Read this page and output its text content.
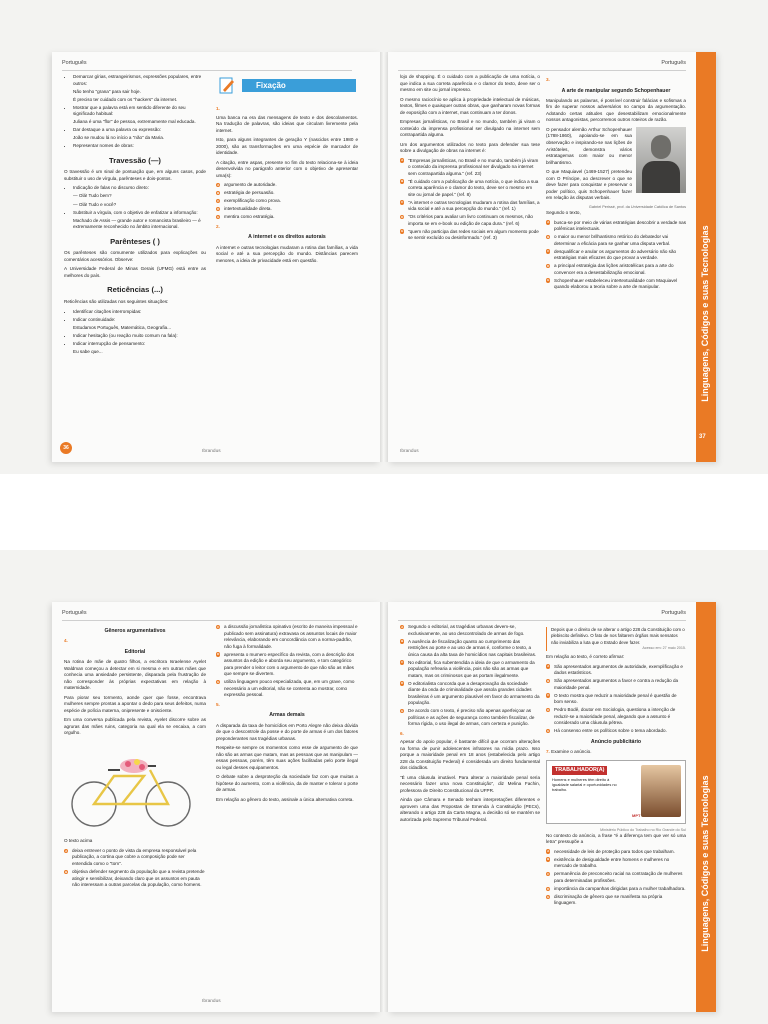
Português
• Demarcar gírias, estrangeirismos, expressões populares, entre outros:
Não tenho "grana" para sair hoje.
É preciso ter cuidado com os "hackers" da internet.
• Mostrar que a palavra está em sentido diferente do seu significado habitual:
Juliana é uma "flor" de pessoa, extremamente mal educada.
• Dar destaque a uma palavra ou expressão:
João se mudou lá no início a "não" da Maria.
• Representar nomes de obras:
Travessão (—)

O travessão é um sinal de pontuação que, em alguns casos, pode substituir o uso de vírgula, parênteses e dois-pontos.

• Indicação de falas no discurso direto:
— Olá! Tudo bem?
— Olá! Tudo e você?
• Substituir a vírgula, com o objetivo de enfatizar a informação:
Machado de Assis — grande autor e romancista brasileiro — é extremamente reconhecido no âmbito internacional.
Parênteses ( )

Os parênteses são comumente utilizados para explicações ou comentários acessórios. Observe:

A Universidade Federal de Minas Gerais (UFMG) está entre as melhores do país.

Reticências (...)

Reticências são utilizadas nos seguintes situações:

• Identificar citações interrompidas:
• Indicar continuidade:
Estudamos Português, Matemática, Geografia...
• Indicar hesitação (ou reação muito comum na fala):
• Indicar interrupção de pensamento:
Eu sabe que...
Fixação
1.

Uma banca na era das mensagens de texto e dos descolamentos. Na tradução de palavras, são ideias que circulam livremente pela internet.

Isto, para alguns integrantes de geração Y (nascidos entre 1980 e 2000), são as transformações em uma espécie de marcador de identidade.

A citação, entre aspas, presente no fim do texto relaciona-se à ideia desenvolvida no parágrafo anterior com o objetivo de apresentar uma(s):

A argumento de autoridade.
B estratégia de persuasão.
C exemplificação como prova.
D intertextualidade direta.
E mentira como estratégia.
2.
A internet e os direitos autorais

A internet e outras tecnologias mudaram a rotina das famílias, a vida social e até a sua percepção do mundo. Distâncias parecem menores, a ideia de privacidade está em questão.

36
Ibrandus
Português

lojo de shopping. É o cuidado com a publicação de uma notícia, o que indica a sua correta aparência e o clamor do texto, deve ser o mesmo em site ou jornal impresso.

O mesmo raciocínio se aplica à propriedade intelectual de músicas, textos, filmes e quaisquer outras obras, que ganharam novas formas de exposição com a internet, mas continuam a ter donos.

Empresas jornalísticas, no Brasil e no mundo, também já viram o conteúdo da imprensa profissional ser divulgado na internet sem contrapartida alguma.

Um dos argumentos utilizados no texto para defender sua tese sobre a divulgação de obras na internet é:

A "Empresas jornalísticas, no Brasil e no mundo, também já viram o conteúdo da imprensa profissional ser divulgado na internet sem contrapartida alguma." (ref. 23)
B "É cuidado com a publicação de uma notícia, o que indica a sua correta aparência e o clamor do texto, deve ser o mesmo em site ou jornal de papel." (ref. 8)
C "A internet e outras tecnologias mudaram a rotina das famílias, a vida social e até a sua percepção do mundo." (ref. 1)
D "Os critérios para avaliar um livro continuam os mesmos, não importa se em e-book ou edição de capa dura." (ref. 6)
E "quem não participa das redes sociais em algum momento pode se sentir excluído ou desinformado." (ref. 3)
3.
A arte de manipular segundo Schopenhauer

Manipulando as palavras, é possível construir falácias e sofismas a fim de superar nossos adversários no campo da argumentação. Adotando certas atitudes que desestabilizam emocionalmente nossos antagonistas, percorremos outros roteiros de razão.

O pensador alemão Arthur Schopenhauer (1788-1860), apoiando-se em sua observação e inspirando-se nas lições de Aristóteles, demonstra vários estratagemas com maior ou menor brilhantismo.

O que Maquiavel (1469-1527) pretendeu com O Príncipe, ao descrever o que se deve fazer para conquistar e preservar o poder político, quis Schopenhauer fazer em relação às disputas verbais.

Gabriel Perissé, prof. da Universidade Católica de Santos

Segundo o texto,

A busca-se por meio de várias estratégias descobrir a verdade nas polêmicas intelectuais.
B o maior ou menor brilhantismo retórico do debatedor vai determinar a eficácia para se ganhar uma disputa verbal.
C desqualificar e anular os argumentos do adversário não são estratégias mais eficazes do que provar a verdade.
D a principal estratégia das lições aristotélicas para a arte do convencer era a desestabilização emocional.
E Schopenhauer estabeleceu intertextualidade com Maquiavel quando elaborou a teoria sobre a arte de manipular.	Linguagens, Códigos e suas Tecnologias
37
Ibrandus
Português
Gêneros argumentativos
4.
Editorial

Na rotina de mãe de quatro filhos, a escritora Israelense Ayelet Waldman começou a detectar em si mesma e em outras mães que conhecia uma ansiedade persistente, disparada pela frustração de não corresponder às próprias expectativas em relação à maternidade.

Para piorar seu tormento, aonde quer que fosse, encontrava mulheres sempre prontas a apontar o dedo para seus defeitos, numa espécie de polícia materna, onipresente e onisciente.

Em uma conversa publicada pela revista, Ayelet discorre sobre as agruras das mães ruins, categoria na qual ela se encaixa, a com orgulho.

O texto acima

A deixa entrever o ponto de vista da empresa responsável pela publicação, a cortina que cobre a composição pode ser entendida como o "tom".
B objetiva defender segmento da população que a revista pretende atingir e sensibilizar, deixando claro que os assuntos em pauta não interessam a outras parcelas da população, como homens.
C a discussão jornalística opinativo (escrito de maneira impessoal e publicado sem assinatura) extravasa os assuntos locais de maior relevância, elaborando em concordância com a norma-padrão, não fuga à formalidade.
D apresenta o mumero específico da revista, com a descrição dos assuntos da edição e aborda seu argumento, e tom categórico para prender o leitor com o argumento de que não são as mães que sempre se divertem.
E utiliza linguagem pouco especializada, que, em um grave, como necessário a um editorial, não se contenta ao mostrar, como expressão pessoal.
5.
Armas demais

A disparada da taxa de homicídios em Porto Alegre não deixa dúvida de que o descontrole da posse e do porte de armas é um dos fatores preponderantes nas tragédias urbanas.

Respeite-se sempre os momentos como esse de argumento de que não são as armas que matam, mas as pessoas que as manipulam — essas pessoas, porém, têm suas ações facilitadas pelo porte ilegal ou legal desses equipamentos.

O debate sobre a desproteção da sociedade faz com que muitas a hipótese do aumento, com a violência, da de manter e tolerar o porte de armas.

Em relação ao gênero do texto, assinale a única alternativa correta.

Ibrandus
Português
A Segundo o editorial, as tragédias urbanas devem-se, exclusivamente, ao uso descontrolado de armas de fogo.
B A ausência de fiscalização quanto ao cumprimento das restrições ao porte e ao uso de armas é, conforme o texto, a única causa da alta taxa de homicídios nas capitais brasileiras.
C No editorial, fica subentendida a ideia de que o armamento da população refrearia a violência, pois não são as armas que matam, mas os criminosos que as portam ilegalmente.
D O editorialista concorda que a desaprovação da sociedade diante da onda de criminalidade que assola grandes cidades brasileiras é um argumento plausível em favor do armamento da população.
E De acordo com o texto, é preciso não apenas aperfeiçoar as políticas e as ações de segurança como também fiscalizar, de forma rígida, o uso ilegal de armas, com certeza e punição.
6.

Apesar do apoio popular, é bastante difícil que ocorram alterações na forma de punir adolescentes infratores na mídia prazo. Isso porque a maioridade penal em 18 anos (estabelecida pelo artigo 228 da Constituição Federal) é considerada um direito fundamental dos cidadãos.

"É uma cláusula imutável. Para alterar a maioridade penal seria necessário fazer uma nova Constituição", diz Melina Fachin, professora de Direito Constitucional da UFPR.

Ainda que Câmara e Senado tenham interpretações diferentes e aprovem uma das Propostas de Emenda à Constituição (PECs), alterando o artigo 228 da Carta Magna, a decisão só se mantém se autorizada pelo Supremo Tribunal Federal.

Depois que o direito de se alterar o artigo 228 da Constituição com o plebiscito definitivo. O fato de nos faltarem órgãos mais sensatos não inviabiliza a luta que o Estado deve fazer.
Acesso em: 27 maio 2015.

Em relação ao texto, é correto afirmar:

A São apresentados argumentos de autoridade, exemplificação e dados estatísticos.
B São apresentados argumentos a favor e contra a redução da maioridade penal.
C O texto mostra que reduzir a maioridade penal é questão de bom senso.
D Pedro Bodê, doutor em Sociologia, questiona a intenção de reduzir-se a maioridade penal, alegando que a assunto é considerado uma cláusula pétrea.
E Há consenso entre os políticos sobre o tema abordado.
Anúncio publicitário
7. Examine o anúncio.
TRABALHADOR(A)
Homens e mulheres têm direito à igualdade salarial e oportunidades no trabalho.
MPT
Ministério Público do Trabalho no Rio Grande do Sul

No contexto do anúncio, a frase "é a diferença tem que ver só uma letra" pressupõe a

A necessidade de leis de proteção para todos que trabalham.
B existência de desigualdade entre homens e mulheres no mercado de trabalho.
C permanência de preconceito racial na contratação de mulheres para determinadas profissões.
D importância da campanhas dirigidas para a mulher trabalhadora.
E discriminação de gênero que se manifesta na própria linguagem.	Linguagens, Códigos e suas Tecnologias
